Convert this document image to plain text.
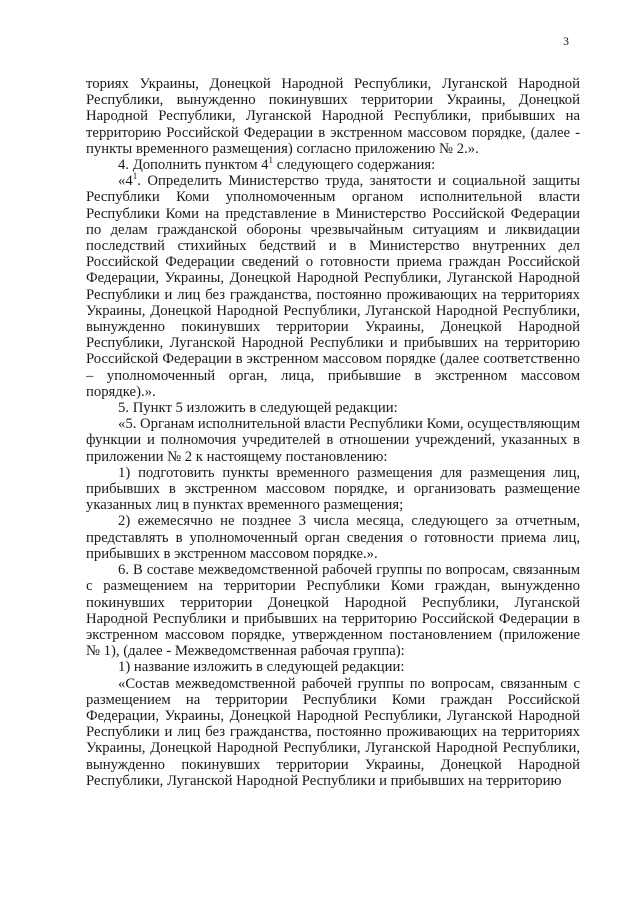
3

ториях Украины, Донецкой Народной Республики, Луганской Народной Республики, вынужденно покинувших территории Украины, Донецкой Народной Республики, Луганской Народной Республики, прибывших на территорию Российской Федерации в экстренном массовом порядке, (далее - пункты временного размещения) согласно приложению № 2.».

4. Дополнить пунктом $4^1$ следующего содержания:

«$4^1$. Определить Министерство труда, занятости и социальной защиты Республики Коми уполномоченным органом исполнительной власти Республики Коми на представление в Министерство Российской Федерации по делам гражданской обороны чрезвычайным ситуациям и ликвидации последствий стихийных бедствий и в Министерство внутренних дел Российской Федерации сведений о готовности приема граждан Российской Федерации, Украины, Донецкой Народной Республики, Луганской Народной Республики и лиц без гражданства, постоянно проживающих на территориях Украины, Донецкой Народной Республики, Луганской Народной Республики, вынужденно покинувших территории Украины, Донецкой Народной Республики, Луганской Народной Республики и прибывших на территорию Российской Федерации в экстренном массовом порядке (далее соответственно – уполномоченный орган, лица, прибывшие в экстренном массовом порядке).».

5. Пункт 5 изложить в следующей редакции:

«5. Органам исполнительной власти Республики Коми, осуществляющим функции и полномочия учредителей в отношении учреждений, указанных в приложении № 2 к настоящему постановлению:

1) подготовить пункты временного размещения для размещения лиц, прибывших в экстренном массовом порядке, и организовать размещение указанных лиц в пунктах временного размещения;

2) ежемесячно не позднее 3 числа месяца, следующего за отчетным, представлять в уполномоченный орган сведения о готовности приема лиц, прибывших в экстренном массовом порядке.».

6. В составе межведомственной рабочей группы по вопросам, связанным с размещением на территории Республики Коми граждан, вынужденно покинувших территории Донецкой Народной Республики, Луганской Народной Республики и прибывших на территорию Российской Федерации в экстренном массовом порядке, утвержденном постановлением (приложение № 1), (далее - Межведомственная рабочая группа):

1) название изложить в следующей редакции:

«Состав межведомственной рабочей группы по вопросам, связанным с размещением на территории Республики Коми граждан Российской Федерации, Украины, Донецкой Народной Республики, Луганской Народной Республики и лиц без гражданства, постоянно проживающих на территориях Украины, Донецкой Народной Республики, Луганской Народной Республики, вынужденно покинувших территории Украины, Донецкой Народной Республики, Луганской Народной Республики и прибывших на территорию
